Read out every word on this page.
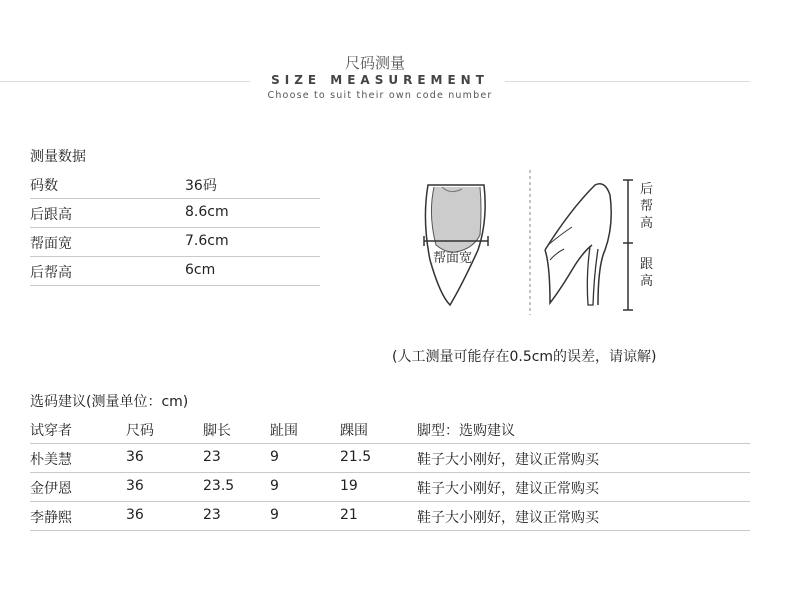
尺码测量
SIZE MEASUREMENT
Choose to suit their own code number
测量数据
码数	36码
后跟高	8.6cm
帮面宽	7.6cm
后帮高	6cm
帮面宽
后
帮
高
跟
高
(人工测量可能存在0.5cm的误差，请谅解)
选码建议(测量单位：cm)
试穿者	尺码	脚长	趾围	踝围	脚型：选购建议
朴美慧	36	23	9	21.5	鞋子大小刚好，建议正常购买
金伊恩	36	23.5	9	19	鞋子大小刚好，建议正常购买
李静熙	36	23	9	21	鞋子大小刚好，建议正常购买
